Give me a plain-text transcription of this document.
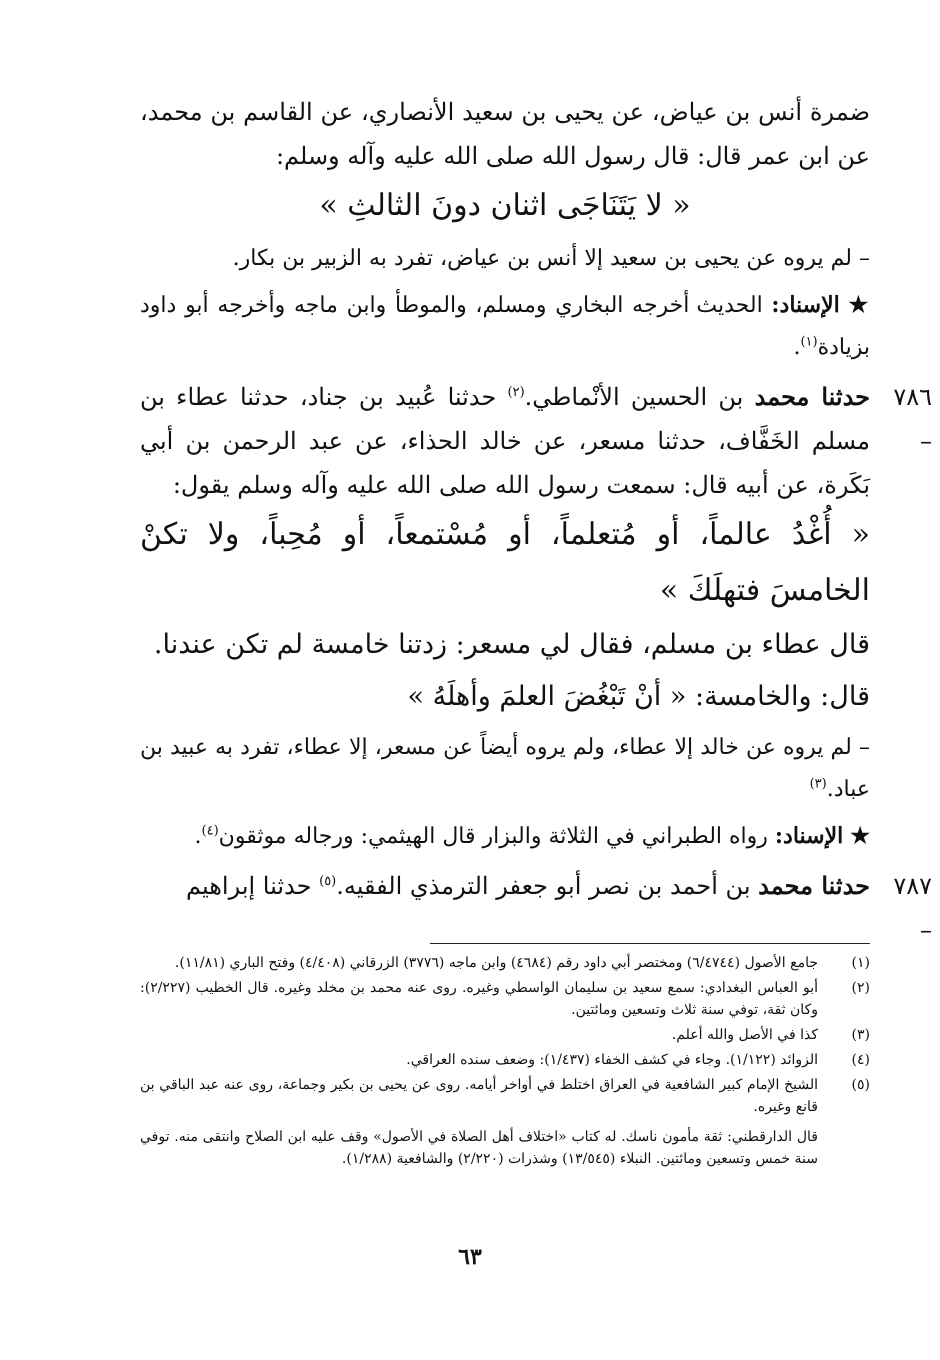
ضمرة أنس بن عياض، عن يحيى بن سعيد الأنصاري، عن القاسم بن محمد، عن ابن عمر قال: قال رسول الله صلى الله عليه وآله وسلم:

« لا يَتَنَاجَى اثنان دونَ الثالثِ »

– لم يروه عن يحيى بن سعيد إلا أنس بن عياض، تفرد به الزبير بن بكار.

★ الإسناد: الحديث أخرجه البخاري ومسلم، والموطأ وابن ماجه وأخرجه أبو داود بزيادة$^{(١)}$.

٧٨٦ –

حدثنا محمد بن الحسين الأنْماطي.$^{(٢)}$ حدثنا عُبيد بن جناد، حدثنا عطاء بن مسلم الخَفَّاف، حدثنا مسعر، عن خالد الحذاء، عن عبد الرحمن بن أبي بَكَرة، عن أبيه قال: سمعت رسول الله صلى الله عليه وآله وسلم يقول:

« أُغْدُ عالماً، أو مُتعلماً، أو مُسْتمعاً، أو مُحِباً، ولا تكنْ الخامسَ فتهلَكَ »

قال عطاء بن مسلم، فقال لي مسعر: زدتنا خامسة لم تكن عندنا.

قال: والخامسة: « أنْ تَبْغُضَ العلمَ وأهلَهُ »

– لم يروه عن خالد إلا عطاء، ولم يروه أيضاً عن مسعر، إلا عطاء، تفرد به عبيد بن عباد.$^{(٣)}$

★ الإسناد: رواه الطبراني في الثلاثة والبزار قال الهيثمي: ورجاله موثقون$^{(٤)}$.

٧٨٧ –

حدثنا محمد بن أحمد بن نصر أبو جعفر الترمذي الفقيه.$^{(٥)}$ حدثنا إبراهيم

(١)
جامع الأصول (٦/٤٧٤٤) ومختصر أبي داود رقم (٤٦٨٤) وابن ماجه (٣٧٧٦) الزرقاني (٤/٤٠٨) وفتح الباري (١١/٨١).
(٢)
أبو العباس البغدادي: سمع سعيد بن سليمان الواسطي وغيره. روى عنه محمد بن مخلد وغيره. قال الخطيب (٢/٢٢٧): وكان ثقة، توفي سنة ثلاث وتسعين ومائتين.
(٣)
كذا في الأصل والله أعلم.
(٤)
الزوائد (١/١٢٢). وجاء في كشف الخفاء (١/٤٣٧): وضعف سنده العراقي.
(٥)
الشيخ الإمام كبير الشافعية في العراق اختلط في أواخر أيامه. روى عن يحيى بن بكير وجماعة، روى عنه عبد الباقي بن قانع وغيره.
قال الدارقطني: ثقة مأمون ناسك. له كتاب «اختلاف أهل الصلاة في الأصول» وقف عليه ابن الصلاح وانتقى منه. توفي سنة خمس وتسعين ومائتين. النبلاء (١٣/٥٤٥) وشذرات (٢/٢٢٠) والشافعية (١/٢٨٨).
٦٣
